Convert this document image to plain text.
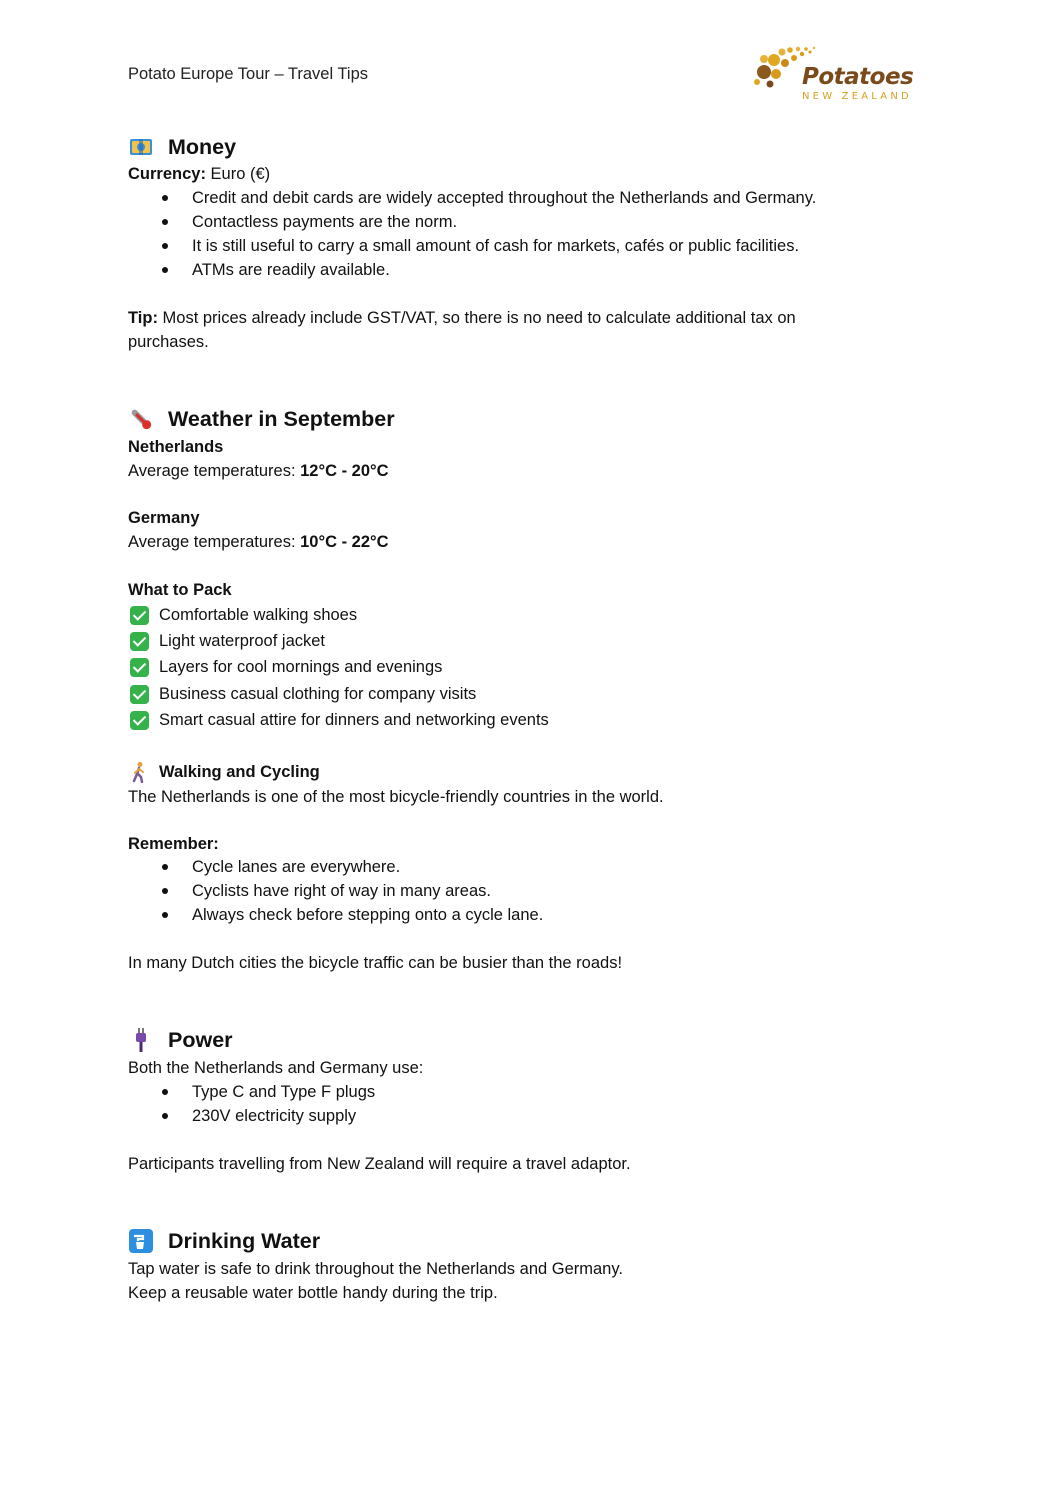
Potato Europe Tour – Travel Tips	Potatoes
NEW ZEALAND
Money
Currency: Euro (€)
Credit and debit cards are widely accepted throughout the Netherlands and Germany.
Contactless payments are the norm.
It is still useful to carry a small amount of cash for markets, cafés or public facilities.
ATMs are readily available.
Tip: Most prices already include GST/VAT, so there is no need to calculate additional tax on purchases.
Weather in September
Netherlands
Average temperatures: 12°C - 20°C
Germany
Average temperatures: 10°C - 22°C
What to Pack
Comfortable walking shoes
Light waterproof jacket
Layers for cool mornings and evenings
Business casual clothing for company visits
Smart casual attire for dinners and networking events
Walking and Cycling
The Netherlands is one of the most bicycle-friendly countries in the world.
Remember:
Cycle lanes are everywhere.
Cyclists have right of way in many areas.
Always check before stepping onto a cycle lane.
In many Dutch cities the bicycle traffic can be busier than the roads!
Power
Both the Netherlands and Germany use:
Type C and Type F plugs
230V electricity supply
Participants travelling from New Zealand will require a travel adaptor.
Drinking Water
Tap water is safe to drink throughout the Netherlands and Germany.
Keep a reusable water bottle handy during the trip.
